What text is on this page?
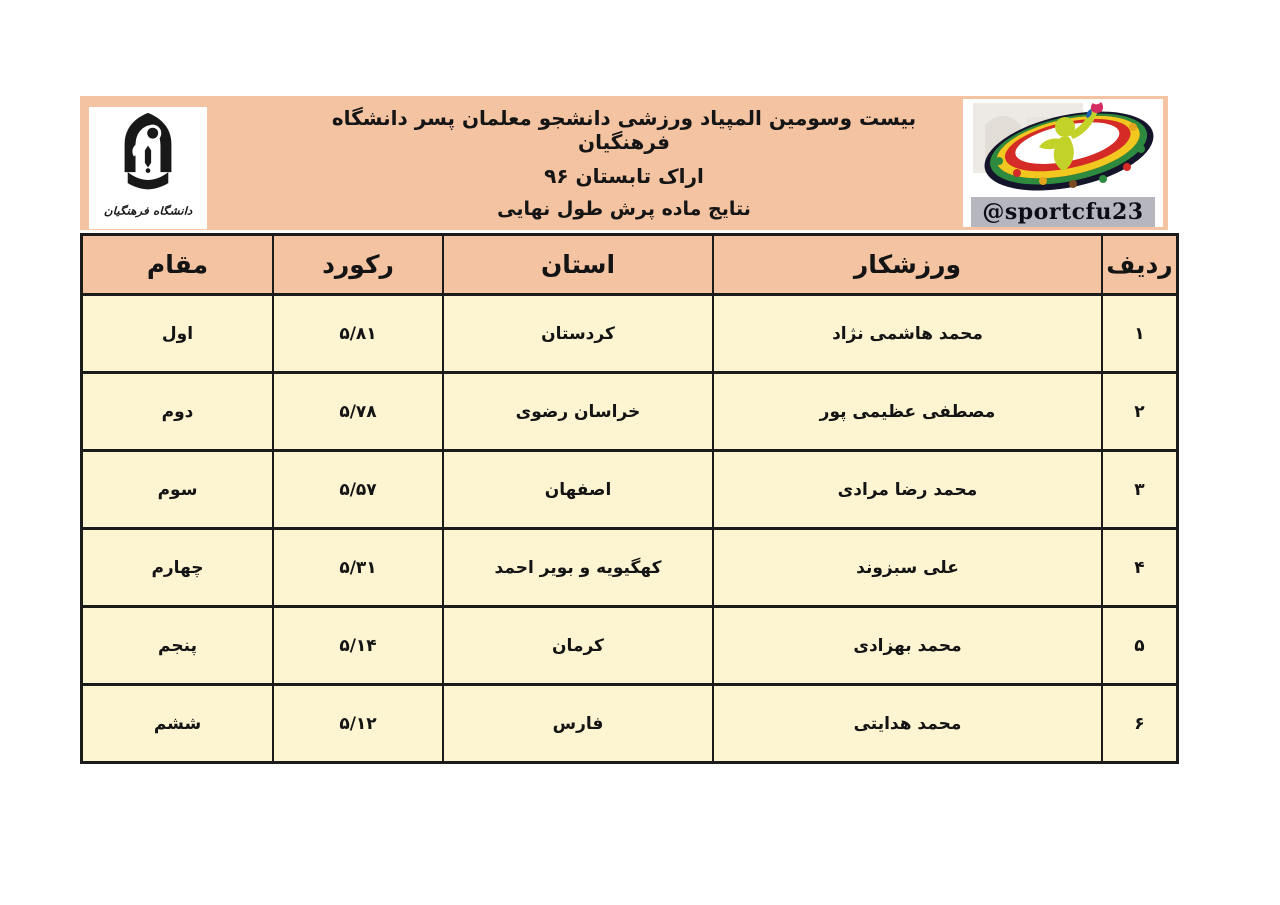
دانشگاه فرهنگیان
بیست وسومین المپیاد ورزشی دانشجو معلمان پسر دانشگاه فرهنگیان
اراک تابستان ۹۶
نتایج ماده پرش طول نهایی	@sportcfu23
ردیف	ورزشکار	استان	رکورد	مقام
۱	محمد هاشمی نژاد	کردستان	۵/۸۱	اول
۲	مصطفی عظیمی پور	خراسان رضوی	۵/۷۸	دوم
۳	محمد رضا مرادی	اصفهان	۵/۵۷	سوم
۴	علی سبزوند	کهگیویه و بویر احمد	۵/۳۱	چهارم
۵	محمد بهزادی	کرمان	۵/۱۴	پنجم
۶	محمد هدایتی	فارس	۵/۱۲	ششم
